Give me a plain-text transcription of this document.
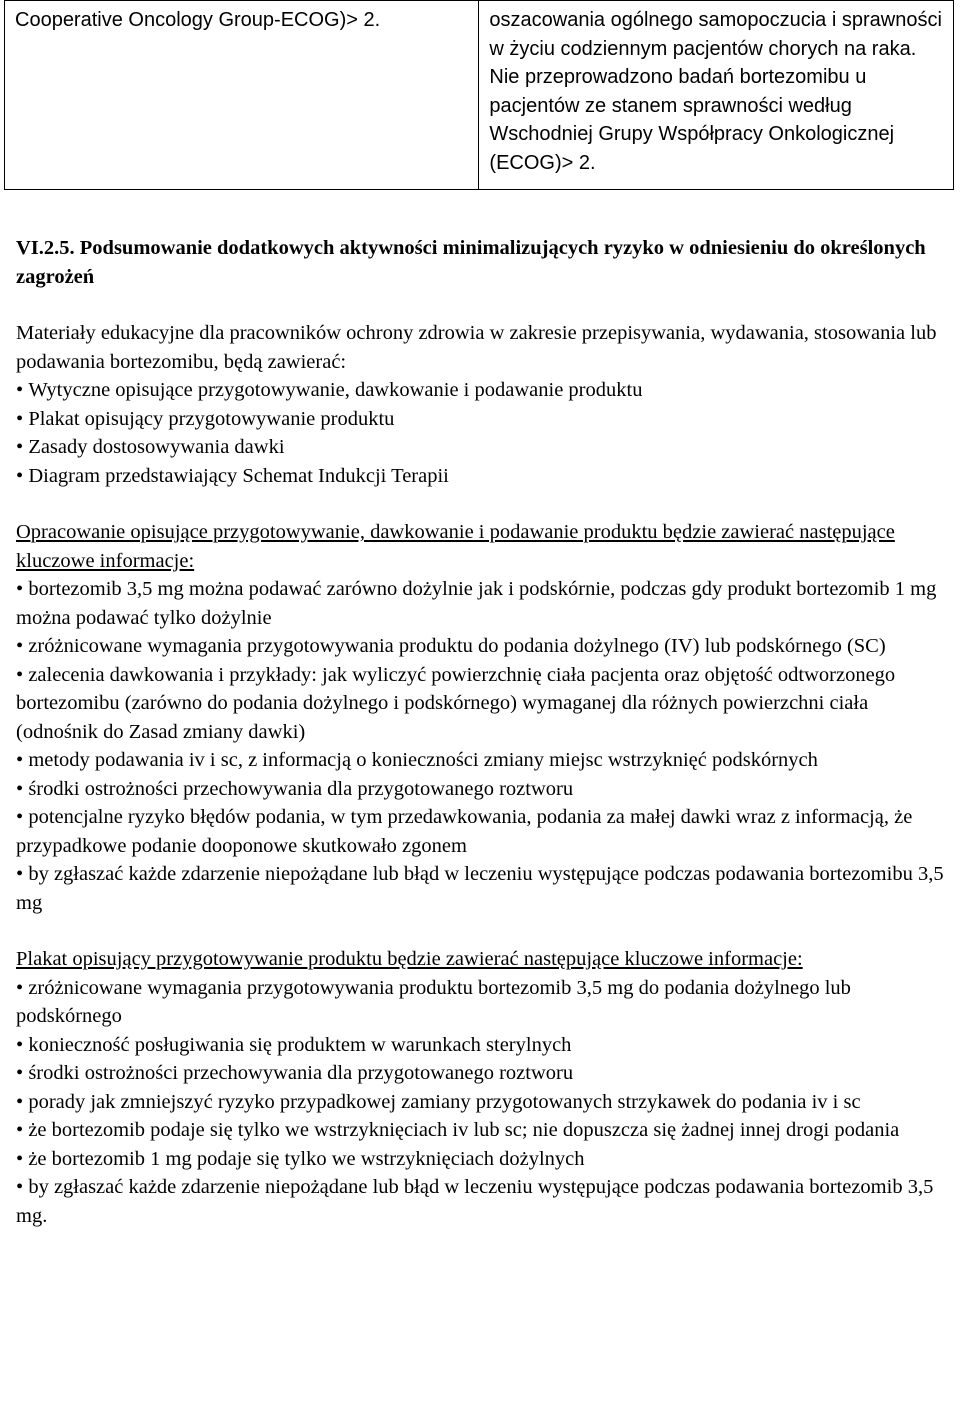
Cooperative Oncology Group-ECOG)> 2.	oszacowania ogólnego samopoczucia i sprawności w życiu codziennym pacjentów chorych na raka. Nie przeprowadzono badań bortezomibu u pacjentów ze stanem sprawności według Wschodniej Grupy Współpracy Onkologicznej (ECOG)> 2.

VI.2.5. Podsumowanie dodatkowych aktywności minimalizujących ryzyko w odniesieniu do określonych zagrożeń

Materiały edukacyjne dla pracowników ochrony zdrowia w zakresie przepisywania, wydawania, stosowania lub podawania bortezomibu, będą zawierać:

• Wytyczne opisujące przygotowywanie, dawkowanie i podawanie produktu
• Plakat opisujący przygotowywanie produktu
• Zasady dostosowywania dawki
• Diagram przedstawiający Schemat Indukcji Terapii
Opracowanie opisujące przygotowywanie, dawkowanie i podawanie produktu będzie zawierać następujące kluczowe informacje:
• bortezomib 3,5 mg można podawać zarówno dożylnie jak i podskórnie, podczas gdy produkt bortezomib 1 mg można podawać tylko dożylnie
• zróżnicowane wymagania przygotowywania produktu do podania dożylnego (IV) lub podskórnego (SC)
• zalecenia dawkowania i przykłady: jak wyliczyć powierzchnię ciała pacjenta oraz objętość odtworzonego bortezomibu (zarówno do podania dożylnego i podskórnego) wymaganej dla różnych powierzchni ciała (odnośnik do Zasad zmiany dawki)
• metody podawania iv i sc, z informacją o konieczności zmiany miejsc wstrzyknięć podskórnych
• środki ostrożności przechowywania dla przygotowanego roztworu
• potencjalne ryzyko błędów podania, w tym przedawkowania, podania za małej dawki wraz z informacją, że przypadkowe podanie dooponowe skutkowało zgonem
• by zgłaszać każde zdarzenie niepożądane lub błąd w leczeniu występujące podczas podawania bortezomibu 3,5 mg
Plakat opisujący przygotowywanie produktu będzie zawierać następujące kluczowe informacje:
• zróżnicowane wymagania przygotowywania produktu bortezomib 3,5 mg do podania dożylnego lub podskórnego
• konieczność posługiwania się produktem w warunkach sterylnych
• środki ostrożności przechowywania dla przygotowanego roztworu
• porady jak zmniejszyć ryzyko przypadkowej zamiany przygotowanych strzykawek do podania iv i sc
• że bortezomib podaje się tylko we wstrzyknięciach iv lub sc; nie dopuszcza się żadnej innej drogi podania
• że bortezomib 1 mg podaje się tylko we wstrzyknięciach dożylnych
• by zgłaszać każde zdarzenie niepożądane lub błąd w leczeniu występujące podczas podawania bortezomib 3,5 mg.
